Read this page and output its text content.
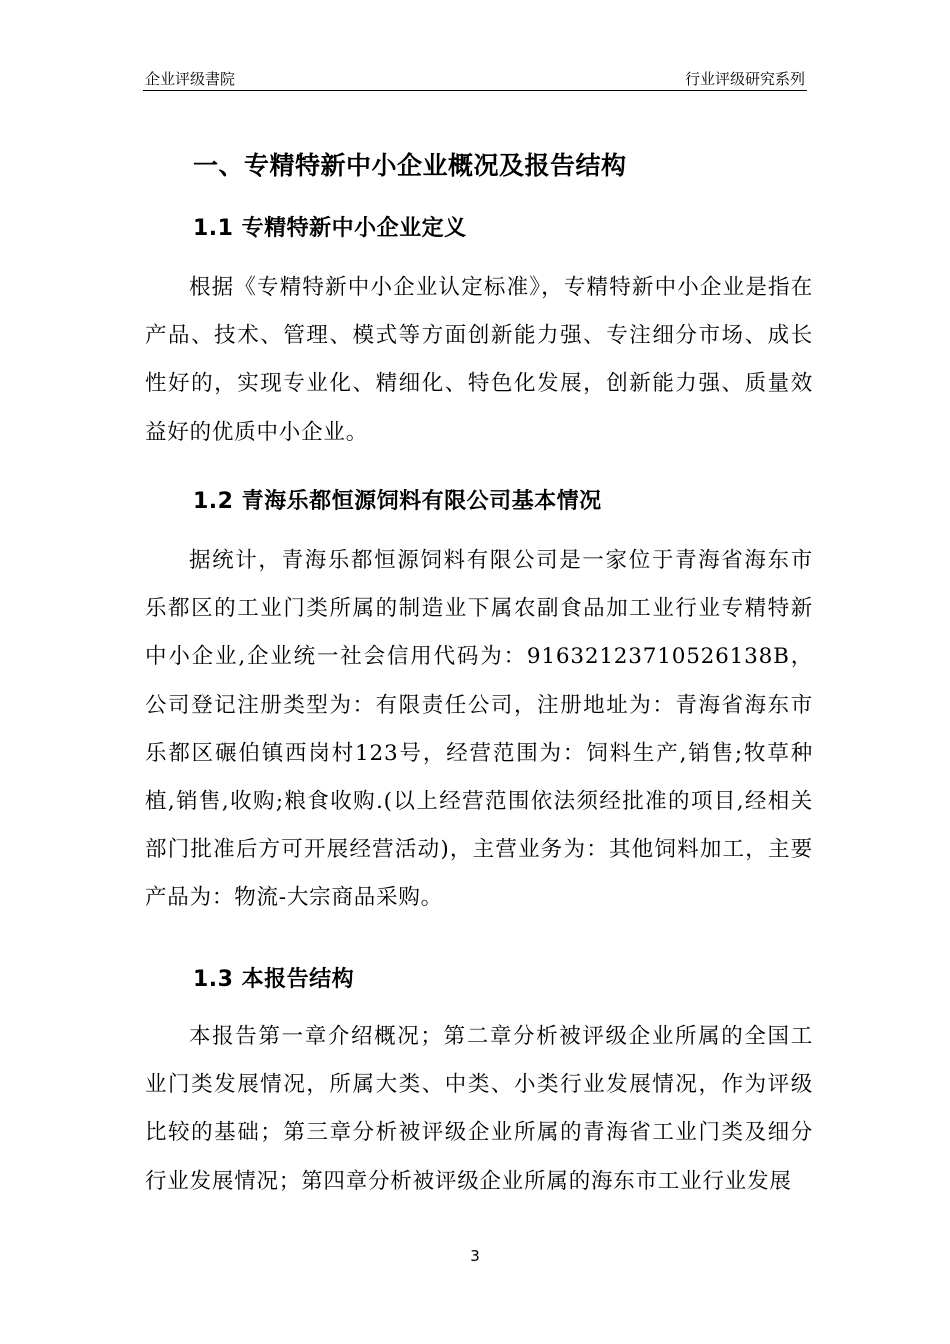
企业评级書院	行业评级研究系列
一、专精特新中小企业概况及报告结构
1.1 专精特新中小企业定义
根据《专精特新中小企业认定标准》，专精特新中小企业是指在产品、技术、管理、模式等方面创新能力强、专注细分市场、成长性好的，实现专业化、精细化、特色化发展，创新能力强、质量效益好的优质中小企业。
1.2 青海乐都恒源饲料有限公司基本情况
据统计，青海乐都恒源饲料有限公司是一家位于青海省海东市乐都区的工业门类所属的制造业下属农副食品加工业行业专精特新中小企业,企业统一社会信用代码为：91632123710526138B，公司登记注册类型为：有限责任公司，注册地址为：青海省海东市乐都区碾伯镇西岗村123号，经营范围为：饲料生产,销售;牧草种植,销售,收购;粮食收购.(以上经营范围依法须经批准的项目,经相关部门批准后方可开展经营活动)，主营业务为：其他饲料加工，主要产品为：物流-大宗商品采购。
1.3 本报告结构
本报告第一章介绍概况；第二章分析被评级企业所属的全国工业门类发展情况，所属大类、中类、小类行业发展情况，作为评级比较的基础；第三章分析被评级企业所属的青海省工业门类及细分行业发展情况；第四章分析被评级企业所属的海东市工业行业发展
3
